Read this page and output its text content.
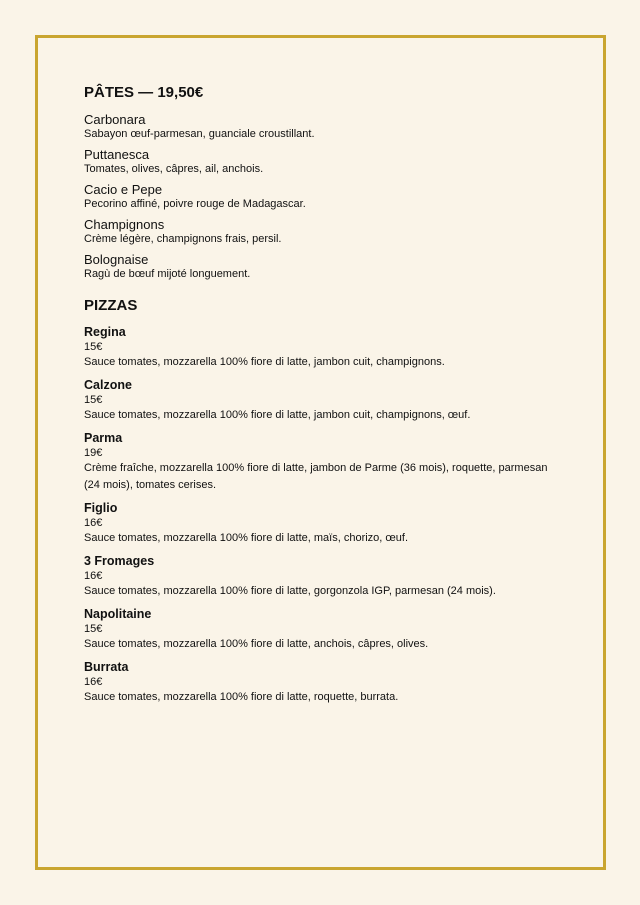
PÂTES — 19,50€
Carbonara
Sabayon œuf-parmesan, guanciale croustillant.
Puttanesca
Tomates, olives, câpres, ail, anchois.
Cacio e Pepe
Pecorino affiné, poivre rouge de Madagascar.
Champignons
Crème légère, champignons frais, persil.
Bolognaise
Ragù de bœuf mijoté longuement.
PIZZAS
Regina
15€
Sauce tomates, mozzarella 100% fiore di latte, jambon cuit, champignons.
Calzone
15€
Sauce tomates, mozzarella 100% fiore di latte, jambon cuit, champignons, œuf.
Parma
19€
Crème fraîche, mozzarella 100% fiore di latte, jambon de Parme (36 mois), roquette, parmesan (24 mois), tomates cerises.
Figlio
16€
Sauce tomates, mozzarella 100% fiore di latte, maïs, chorizo, œuf.
3 Fromages
16€
Sauce tomates, mozzarella 100% fiore di latte, gorgonzola IGP, parmesan (24 mois).
Napolitaine
15€
Sauce tomates, mozzarella 100% fiore di latte, anchois, câpres, olives.
Burrata
16€
Sauce tomates, mozzarella 100% fiore di latte, roquette, burrata.
